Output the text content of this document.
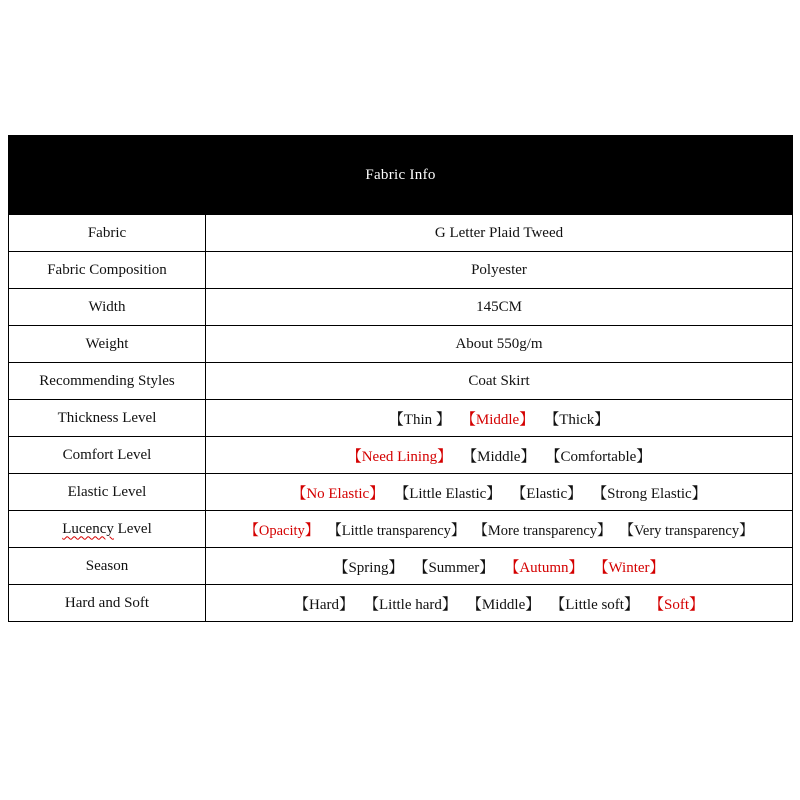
Fabric Info	
Fabric	G Letter Plaid Tweed
Fabric Composition	Polyester
Width	145CM
Weight	About 550g/m
Recommending Styles	Coat Skirt
Thickness Level	【Thin 】 【Middle】 【Thick】
Comfort Level	【Need Lining】 【Middle】 【Comfortable】
Elastic Level	【No Elastic】 【Little Elastic】 【Elastic】 【Strong Elastic】
Lucency Level	【Opacity】 【Little transparency】 【More transparency】 【Very transparency】
Season	【Spring】 【Summer】 【Autumn】 【Winter】
Hard and Soft	【Hard】 【Little hard】 【Middle】 【Little soft】 【Soft】
